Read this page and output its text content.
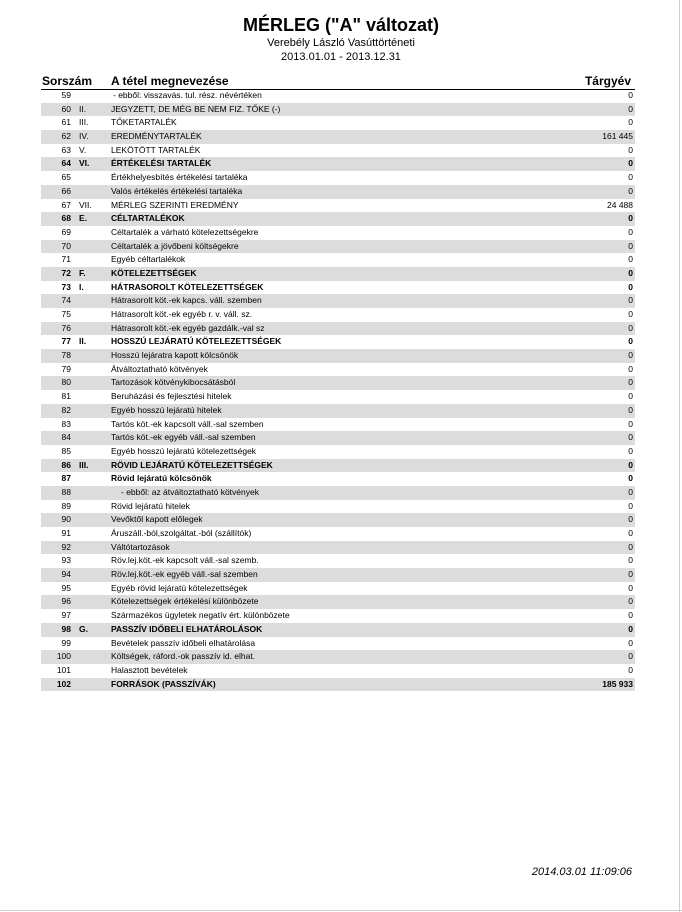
MÉRLEG ("A" változat)
Verebély László Vasúttörténeti
2013.01.01 - 2013.12.31
Sorszám A tétel megnevezése	Tárgyév
59	- ebből: visszavás. tul. rész. névértéken	0
60 II.	JEGYZETT, DE MÉG BE NEM FIZ. TŐKE (-)	0
61 III.	TŐKETARTALÉK	0
62 IV.	EREDMÉNYTARTALÉK	161 445
63 V.	LEKÖTÖTT TARTALÉK	0
64 VI.	ÉRTÉKELÉSI TARTALÉK	0
65	Értékhelyesbítés értékelési tartaléka	0
66	Valós értékelés értékelési tartaléka	0
67 VII. MÉRLEG SZERINTI EREDMÉNY	24 488
68 E.	CÉLTARTALÉKOK	0
69	Céltartalék a várható kötelezettségekre	0
70	Céltartalék a jövőbeni költségekre	0
71	Egyéb céltartalékok	0
72 F.	KÖTELEZETTSÉGEK	0
73 I.	HÁTRASOROLT KÖTELEZETTSÉGEK	0
74	Hátrasorolt köt.-ek kapcs. váll. szemben	0
75	Hátrasorolt köt.-ek egyéb r. v. váll. sz.	0
76	Hátrasorolt köt.-ek egyéb gazdálk.-val sz	0
77 II.	HOSSZÚ LEJÁRATÚ KÖTELEZETTSÉGEK	0
78	Hosszú lejáratra kapott kölcsönök	0
79	Átváltoztatható kötvények	0
80	Tartozások kötvénykibocsátásból	0
81	Beruházási és fejlesztési hitelek	0
82	Egyéb hosszú lejáratú hitelek	0
83	Tartós köt.-ek kapcsolt váll.-sal szemben	0
84	Tartós köt.-ek egyéb váll.-sal szemben	0
85	Egyéb hosszú lejáratú kötelezettségek	0
86 III.	RÖVID LEJÁRATÚ KÖTELEZETTSÉGEK	0
87	Rövid lejáratú kölcsönök	0
88	- ebből: az átváltoztatható kötvények	0
89	Rövid lejáratú hitelek	0
90	Vevőktől kapott előlegek	0
91	Áruszáll.-ból,szolgáltat.-ból (szállítók)	0
92	Váltótartozások	0
93	Röv.lej.köt.-ek kapcsolt váll.-sal szemb.	0
94	Röv.lej.köt.-ek egyéb váll.-sal szemben	0
95	Egyéb rövid lejáratú kötelezettségek	0
96	Kötelezettségek értékelési különbözete	0
97	Származékos ügyletek negatív ért. különbözete	0
98 G.	PASSZÍV IDŐBELI ELHATÁROLÁSOK	0
99	Bevételek passzív időbeli elhatárolása	0
100	Költségek, ráford.-ok passzív id. elhat.	0
101	Halasztott bevételek	0
102	FORRÁSOK (PASSZÍVÁK)	185 933
2014.03.01 11:09:06
